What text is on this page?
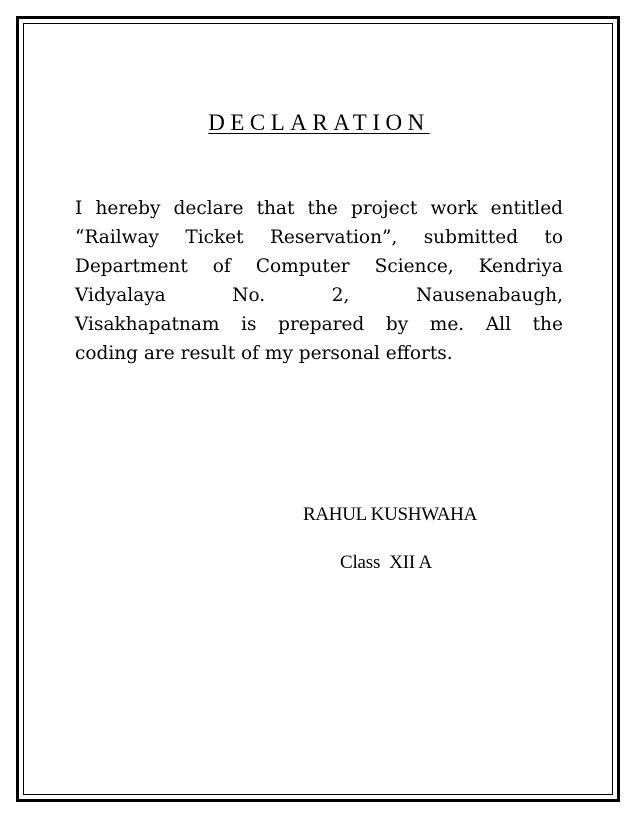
DECLARATION
I hereby declare that the project work entitled
“Railway Ticket Reservation”, submitted to
Department of Computer Science, Kendriya
Vidyalaya	No.	2,	Nausenabaugh,
Visakhapatnam is prepared by me. All the
coding are result of my personal efforts.

RAHUL KUSHWAHA

Class  XII A
